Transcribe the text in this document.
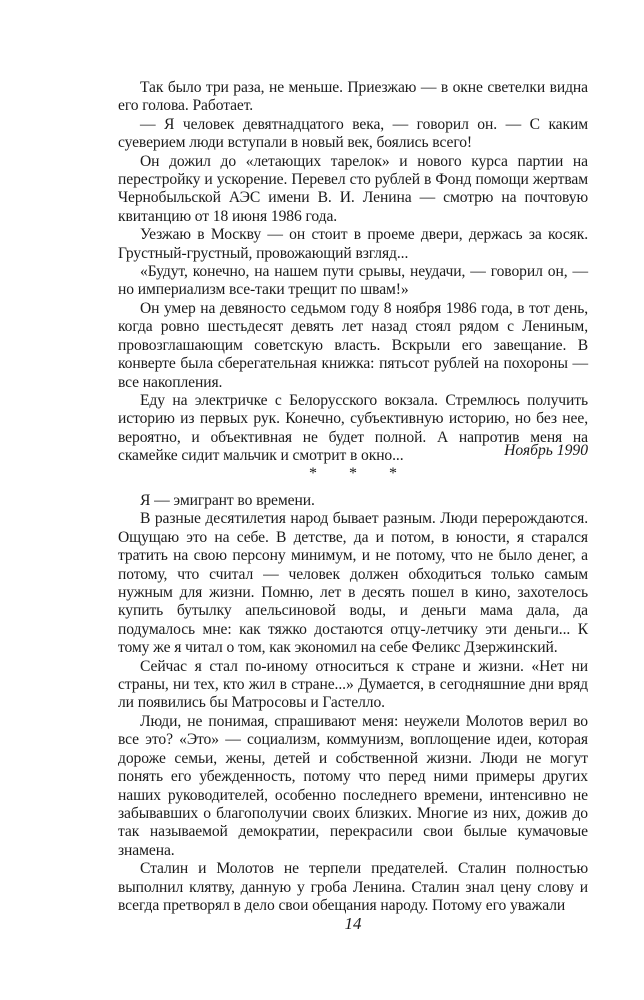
Так было три раза, не меньше. Приезжаю — в окне светелки видна его голова. Работает.

— Я человек девятнадцатого века, — говорил он. — С каким суеверием люди вступали в новый век, боялись всего!

Он дожил до «летающих тарелок» и нового курса партии на перестройку и ускорение. Перевел сто рублей в Фонд помощи жертвам Чернобыльской АЭС имени В. И. Ленина — смотрю на почтовую квитанцию от 18 июня 1986 года.

Уезжаю в Москву — он стоит в проеме двери, держась за косяк. Грустный-грустный, провожающий взгляд...

«Будут, конечно, на нашем пути срывы, неудачи, — говорил он, — но империализм все-таки трещит по швам!»

Он умер на девяносто седьмом году 8 ноября 1986 года, в тот день, когда ровно шестьдесят девять лет назад стоял рядом с Лениным, провозглашающим советскую власть. Вскрыли его завещание. В конверте была сберегательная книжка: пятьсот рублей на похороны — все накопления.

Еду на электричке с Белорусского вокзала. Стремлюсь получить историю из первых рук. Конечно, субъективную историю, но без нее, вероятно, и объективная не будет полной. А напротив меня на скамейке сидит мальчик и смотрит в окно...	Ноябрь 1990
* * *

Я — эмигрант во времени.

В разные десятилетия народ бывает разным. Люди перерождаются. Ощущаю это на себе. В детстве, да и потом, в юности, я старался тратить на свою персону минимум, и не потому, что не было денег, а потому, что считал — человек должен обходиться только самым нужным для жизни. Помню, лет в десять пошел в кино, захотелось купить бутылку апельсиновой воды, и деньги мама дала, да подумалось мне: как тяжко достаются отцу-летчику эти деньги... К тому же я читал о том, как экономил на себе Феликс Дзержинский.

Сейчас я стал по-иному относиться к стране и жизни. «Нет ни страны, ни тех, кто жил в стране...» Думается, в сегодняшние дни вряд ли появились бы Матросовы и Гастелло.

Люди, не понимая, спрашивают меня: неужели Молотов верил во все это? «Это» — социализм, коммунизм, воплощение идеи, которая дороже семьи, жены, детей и собственной жизни. Люди не могут понять его убежденность, потому что перед ними примеры других наших руководителей, особенно последнего времени, интенсивно не забывавших о благополучии своих близких. Многие из них, дожив до так называемой демократии, перекрасили свои былые кумачовые знамена.

Сталин и Молотов не терпели предателей. Сталин полностью выполнил клятву, данную у гроба Ленина. Сталин знал цену слову и всегда претворял в дело свои обещания народу. Потому его уважали

14
